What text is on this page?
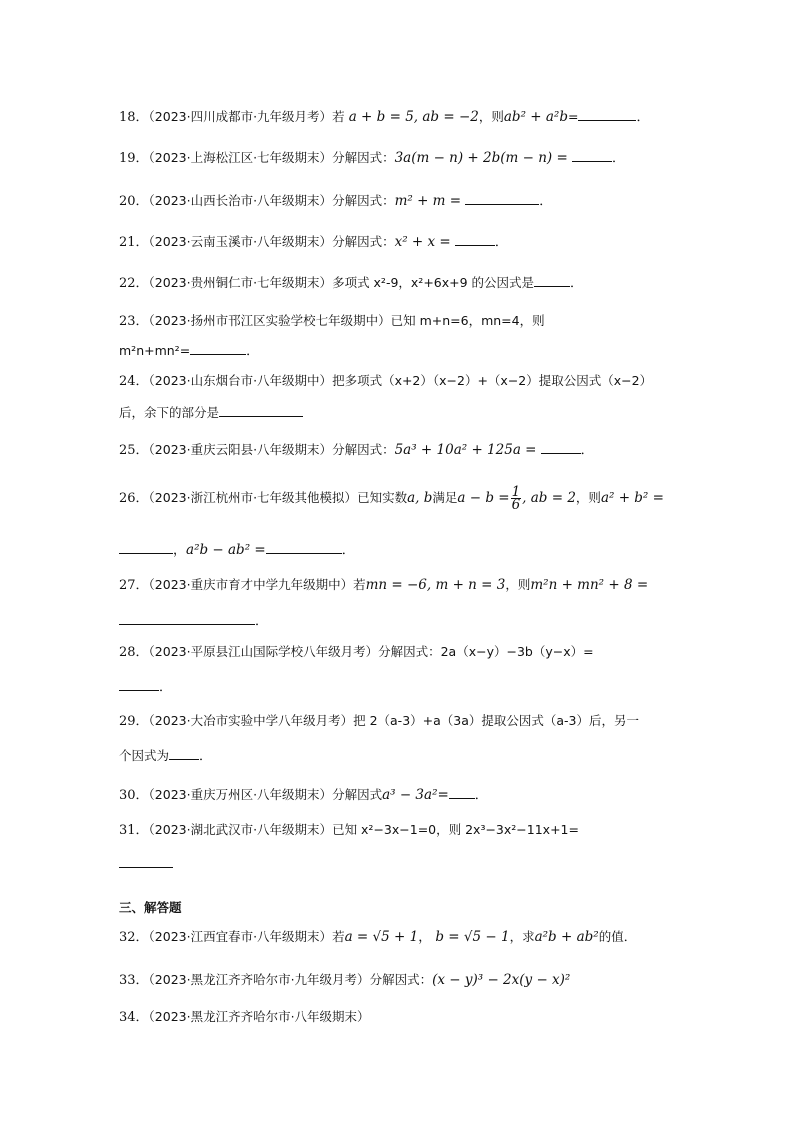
18．（2023·四川成都市·九年级月考）若 a + b = 5, ab = −2，则ab² + a²b=	．
19．（2023·上海松江区·七年级期末）分解因式：3a(m − n) + 2b(m − n) =	．
20．（2023·山西长治市·八年级期末）分解因式：m² + m =	．
21．（2023·云南玉溪市·八年级期末）分解因式：x² + x =	．
22．（2023·贵州铜仁市·七年级期末）多项式 x²-9，x²+6x+9 的公因式是	．
23．（2023·扬州市邗江区实验学校七年级期中）已知 m+n=6，mn=4，则
m²n+mn²=	．
24．（2023·山东烟台市·八年级期中）把多项式（x+2）（x−2）+（x−2）提取公因式（x−2）
后，余下的部分是
25．（2023·重庆云阳县·八年级期末）分解因式：5a³ + 10a² + 125a =	．
26．（2023·浙江杭州市·七年级其他模拟）已知实数a, b满足$a - b = \frac{1}{6}$ , ab = 2，则a² + b² =
，a²b − ab² =	．
27．（2023·重庆市育才中学九年级期中）若mn = −6, m + n = 3，则m²n + mn² + 8 =
．
28．（2023·平原县江山国际学校八年级月考）分解因式：2a（x−y）−3b（y−x）=
．
29．（2023·大冶市实验中学八年级月考）把 2（a-3）+a（3a）提取公因式（a-3）后，另一
个因式为 ．
30．（2023·重庆万州区·八年级期末）分解因式a³ − 3a²= ．
31．（2023·湖北武汉市·八年级期末）已知 x²−3x−1=0，则 2x³−3x²−11x+1=
三、解答题
32．（2023·江西宜春市·八年级期末）若a = √5 + 1， b = √5 − 1，求a²b + ab²的值．
33．（2023·黑龙江齐齐哈尔市·九年级月考）分解因式：(x − y)³ − 2x(y − x)²
34．（2023·黑龙江齐齐哈尔市·八年级期末）
